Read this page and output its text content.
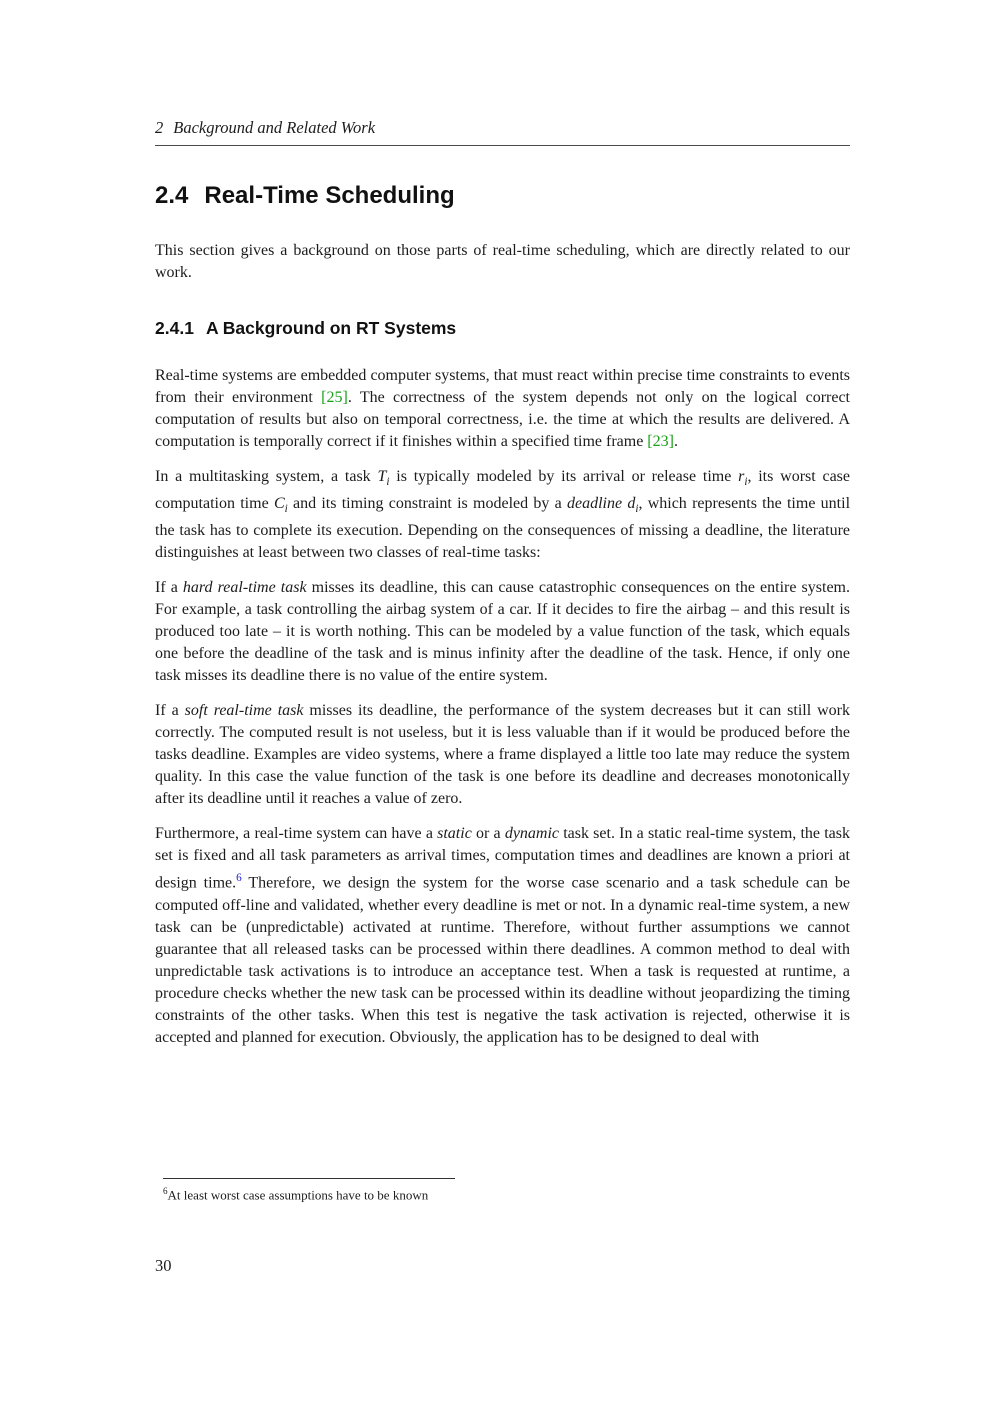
2 Background and Related Work
2.4 Real-Time Scheduling

This section gives a background on those parts of real-time scheduling, which are directly related to our work.

2.4.1 A Background on RT Systems

Real-time systems are embedded computer systems, that must react within precise time constraints to events from their environment [25]. The correctness of the system depends not only on the logical correct computation of results but also on temporal correctness, i.e. the time at which the results are delivered. A computation is temporally correct if it finishes within a specified time frame [23].

In a multitasking system, a task $T_i$ is typically modeled by its arrival or release time $r_i$, its worst case computation time $C_i$ and its timing constraint is modeled by a deadline $d_i$, which represents the time until the task has to complete its execution. Depending on the consequences of missing a deadline, the literature distinguishes at least between two classes of real-time tasks:

If a hard real-time task misses its deadline, this can cause catastrophic consequences on the entire system. For example, a task controlling the airbag system of a car. If it decides to fire the airbag – and this result is produced too late – it is worth nothing. This can be modeled by a value function of the task, which equals one before the deadline of the task and is minus infinity after the deadline of the task. Hence, if only one task misses its deadline there is no value of the entire system.

If a soft real-time task misses its deadline, the performance of the system decreases but it can still work correctly. The computed result is not useless, but it is less valuable than if it would be produced before the tasks deadline. Examples are video systems, where a frame displayed a little too late may reduce the system quality. In this case the value function of the task is one before its deadline and decreases monotonically after its deadline until it reaches a value of zero.

Furthermore, a real-time system can have a static or a dynamic task set. In a static real-time system, the task set is fixed and all task parameters as arrival times, computation times and deadlines are known a priori at design time.$^6$ Therefore, we design the system for the worse case scenario and a task schedule can be computed off-line and validated, whether every deadline is met or not. In a dynamic real-time system, a new task can be (unpredictable) activated at runtime. Therefore, without further assumptions we cannot guarantee that all released tasks can be processed within there deadlines. A common method to deal with unpredictable task activations is to introduce an acceptance test. When a task is requested at runtime, a procedure checks whether the new task can be processed within its deadline without jeopardizing the timing constraints of the other tasks. When this test is negative the task activation is rejected, otherwise it is accepted and planned for execution. Obviously, the application has to be designed to deal with

$^6$At least worst case assumptions have to be known

30
